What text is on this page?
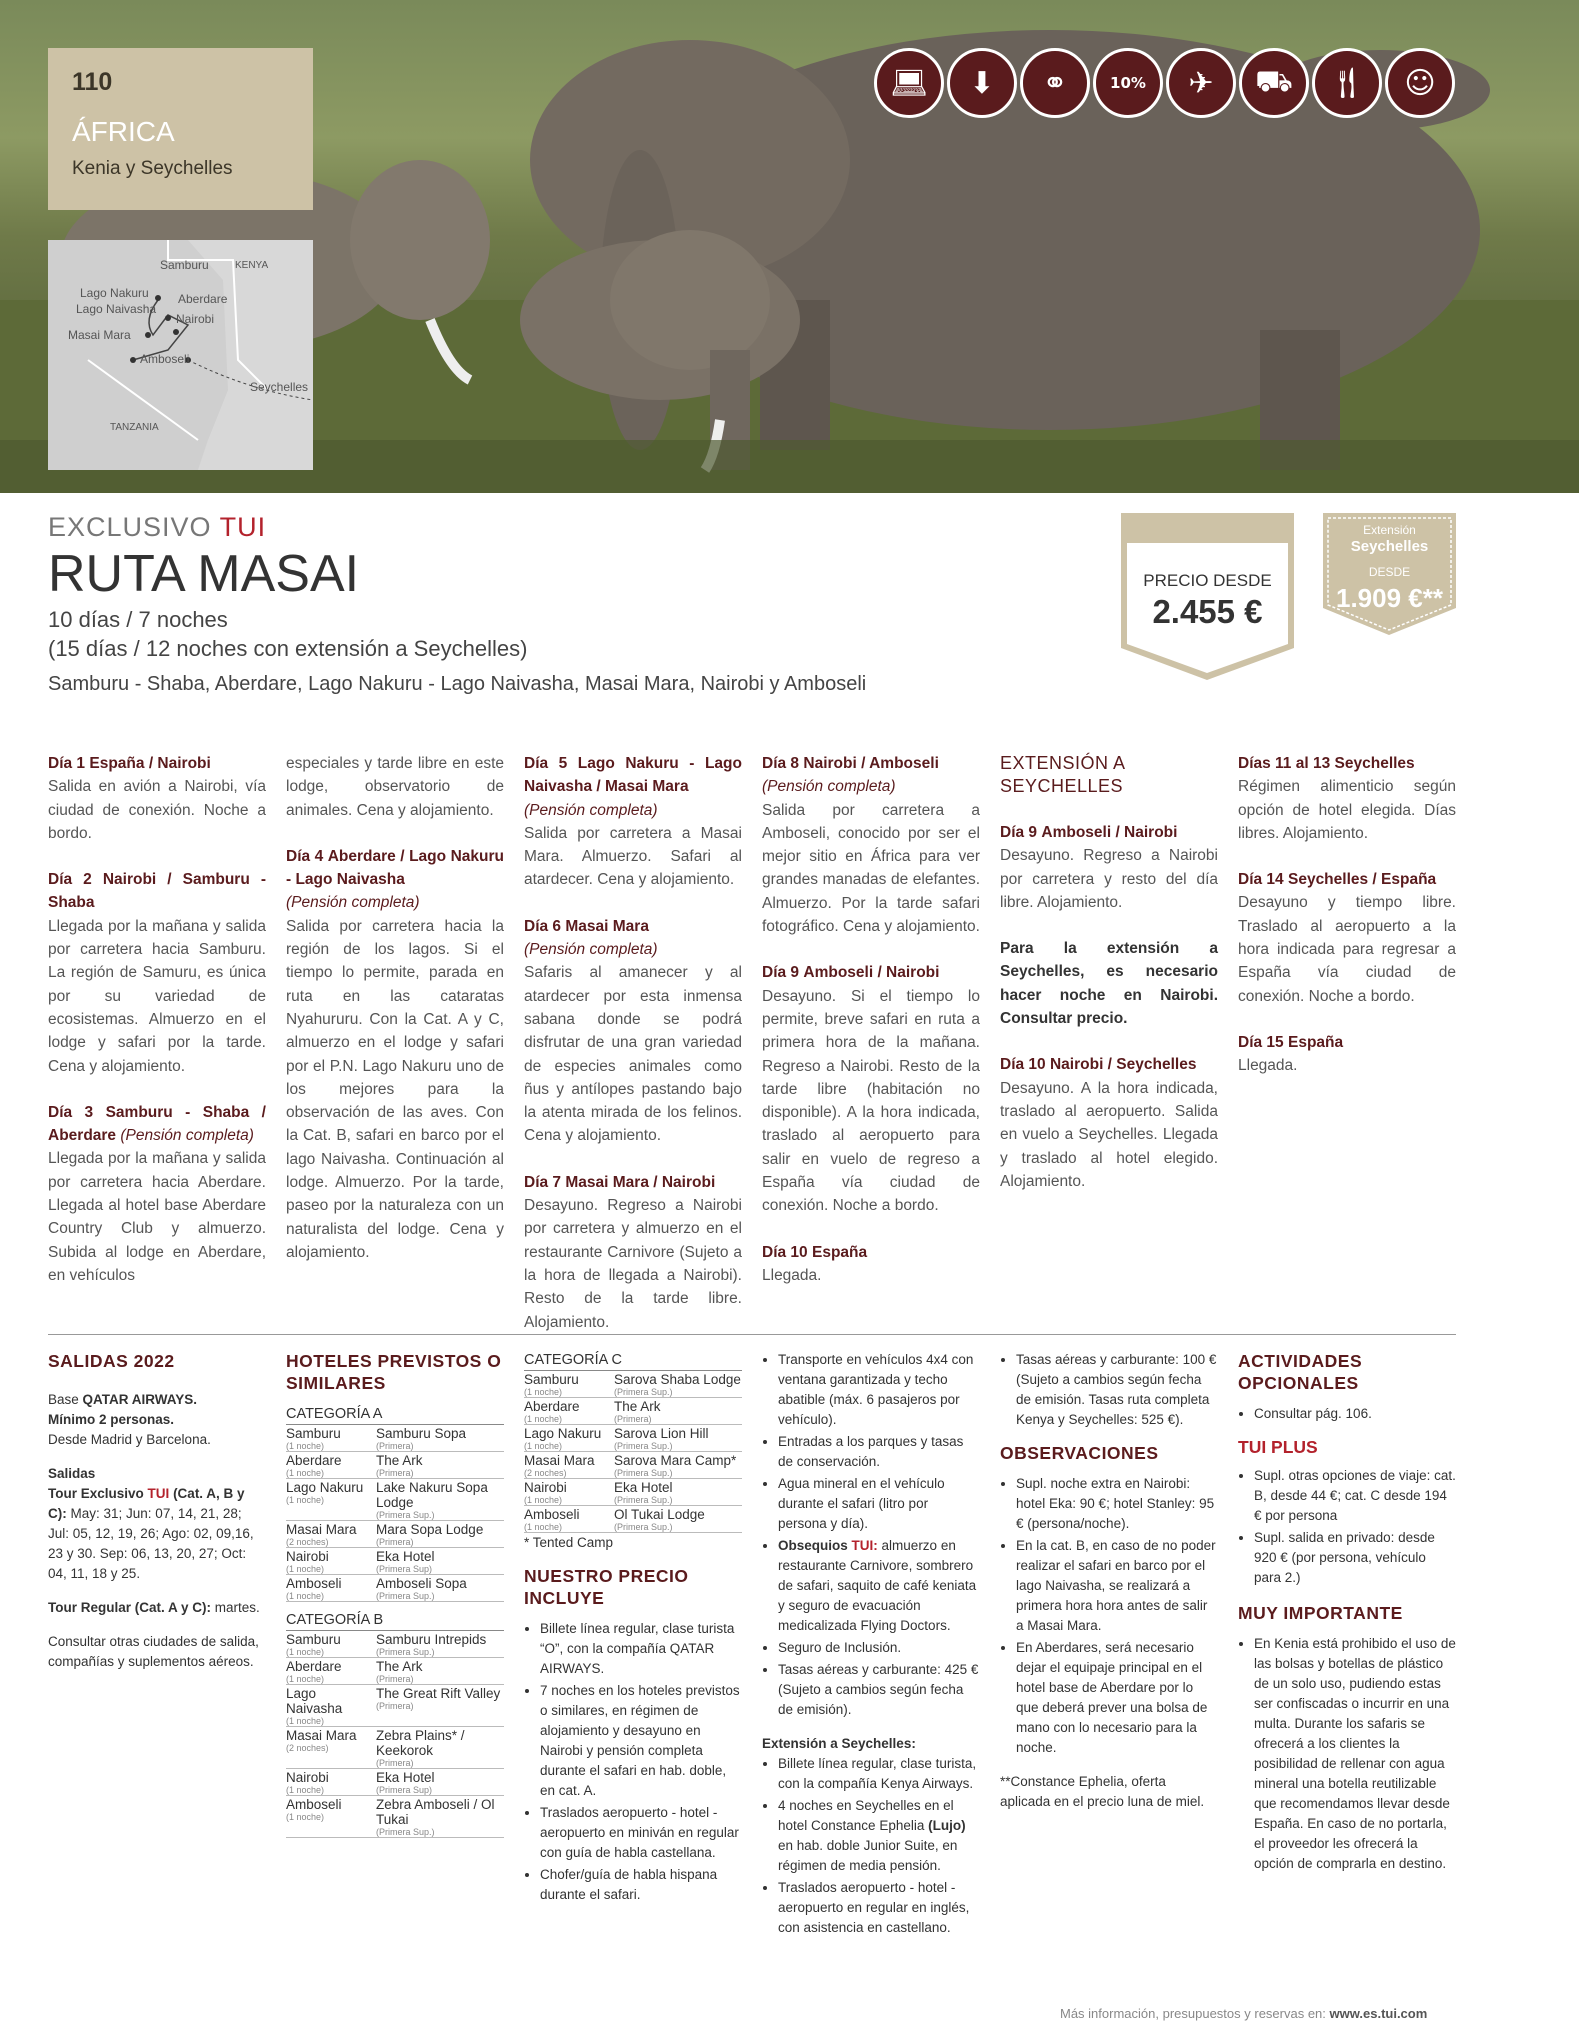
110
ÁFRICA
Kenia y Seychelles
Samburu	KENYA
Lago Nakuru Aberdare
Lago Naivasha
Nairobi
Masai Mara
Amboseli
Seychelles
TANZANIA
💻︎	⬇	⚭	10%	✈	⛟	🍴︎	☺
EXCLUSIVO TUI
RUTA MASAI
10 días / 7 noches
(15 días / 12 noches con extensión a Seychelles)
Samburu - Shaba, Aberdare, Lago Nakuru - Lago Naivasha, Masai Mara, Nairobi y Amboseli
PRECIO DESDE
2.455 €
Extensión
Seychelles
DESDE
1.909 €**

Día 1 España / Nairobi
Salida en avión a Nairobi, vía ciudad de conexión. Noche a bordo.

Día 2 Nairobi / Samburu - Shaba
Llegada por la mañana y salida por carretera hacia Samburu. La región de Samuru, es única por su variedad de ecosistemas. Almuerzo en el lodge y safari por la tarde. Cena y alojamiento.

Día 3 Samburu - Shaba / Aberdare (Pensión completa)
Llegada por la mañana y salida por carretera hacia Aberdare. Llegada al hotel base Aberdare Country Club y almuerzo. Subida al lodge en Aberdare, en vehículos

especiales y tarde libre en este lodge, observatorio de animales. Cena y alojamiento.

Día 4 Aberdare / Lago Nakuru - Lago Naivasha
(Pensión completa)
Salida por carretera hacia la región de los lagos. Si el tiempo lo permite, parada en ruta en las cataratas Nyahururu. Con la Cat. A y C, almuerzo en el lodge y safari por el P.N. Lago Nakuru uno de los mejores para la observación de las aves. Con la Cat. B, safari en barco por el lago Naivasha. Continuación al lodge. Almuerzo. Por la tarde, paseo por la naturaleza con un naturalista del lodge. Cena y alojamiento.

Día 5 Lago Nakuru - Lago Naivasha / Masai Mara
(Pensión completa)
Salida por carretera a Masai Mara. Almuerzo. Safari al atardecer. Cena y alojamiento.

Día 6 Masai Mara
(Pensión completa)
Safaris al amanecer y al atardecer por esta inmensa sabana donde se podrá disfrutar de una gran variedad de especies animales como ñus y antílopes pastando bajo la atenta mirada de los felinos. Cena y alojamiento.

Día 7 Masai Mara / Nairobi
Desayuno. Regreso a Nairobi por carretera y almuerzo en el restaurante Carnivore (Sujeto a la hora de llegada a Nairobi). Resto de la tarde libre. Alojamiento.

Día 8 Nairobi / Amboseli
(Pensión completa)
Salida por carretera a Amboseli, conocido por ser el mejor sitio en África para ver grandes manadas de elefantes. Almuerzo. Por la tarde safari fotográfico. Cena y alojamiento.

Día 9 Amboseli / Nairobi
Desayuno. Si el tiempo lo permite, breve safari en ruta a primera hora de la mañana. Regreso a Nairobi. Resto de la tarde libre (habitación no disponible). A la hora indicada, traslado al aeropuerto para salir en vuelo de regreso a España vía ciudad de conexión. Noche a bordo.

Día 10 España
Llegada.

EXTENSIÓN A SEYCHELLES

Día 9 Amboseli / Nairobi
Desayuno. Regreso a Nairobi por carretera y resto del día libre. Alojamiento.

Para la extensión a Seychelles, es necesario hacer noche en Nairobi. Consultar precio.

Día 10 Nairobi / Seychelles
Desayuno. A la hora indicada, traslado al aeropuerto. Salida en vuelo a Seychelles. Llegada y traslado al hotel elegido. Alojamiento.

Días 11 al 13 Seychelles
Régimen alimenticio según opción de hotel elegida. Días libres. Alojamiento.

Día 14 Seychelles / España
Desayuno y tiempo libre. Traslado al aeropuerto a la hora indicada para regresar a España vía ciudad de conexión. Noche a bordo.

Día 15 España
Llegada.

SALIDAS 2022

Base QATAR AIRWAYS.
Mínimo 2 personas.
Desde Madrid y Barcelona.

Salidas
Tour Exclusivo TUI (Cat. A, B y C): May: 31; Jun: 07, 14, 21, 28; Jul: 05, 12, 19, 26; Ago: 02, 09,16, 23 y 30. Sep: 06, 13, 20, 27; Oct: 04, 11, 18 y 25.

Tour Regular (Cat. A y C): martes.

Consultar otras ciudades de salida, compañías y suplementos aéreos.

HOTELES PREVISTOS O SIMILARES
CATEGORÍA A
Samburu
(1 noche)	Samburu Sopa
(Primera)

Aberdare
(1 noche)	The Ark
(Primera)

Lago Nakuru
(1 noche)	Lake Nakuru Sopa Lodge
(Primera Sup.)

Masai Mara
(2 noches)	Mara Sopa Lodge
(Primera)

Nairobi
(1 noche)	Eka Hotel
(Primera Sup)

Amboseli
(1 noche)	Amboseli Sopa
(Primera Sup.)
CATEGORÍA B
Samburu
(1 noche)	Samburu Intrepids
(Primera Sup.)

Aberdare
(1 noche)	The Ark
(Primera)

Lago Naivasha
(1 noche)	The Great Rift Valley
(Primera)

Masai Mara
(2 noches)	Zebra Plains* / Keekorok
(Primera)

Nairobi
(1 noche)	Eka Hotel
(Primera Sup)

Amboseli
(1 noche)	Zebra Amboseli / Ol Tukai
(Primera Sup.)
CATEGORÍA C
Samburu
(1 noche)	Sarova Shaba Lodge
(Primera Sup.)

Aberdare
(1 noche)	The Ark
(Primera)

Lago Nakuru
(1 noche)	Sarova Lion Hill
(Primera Sup.)

Masai Mara
(2 noches)	Sarova Mara Camp*
(Primera Sup.)

Nairobi
(1 noche)	Eka Hotel
(Primera Sup.)

Amboseli
(1 noche)	Ol Tukai Lodge
(Primera Sup.)
* Tented Camp
NUESTRO PRECIO INCLUYE
• Billete línea regular, clase turista “O”, con la compañía QATAR AIRWAYS.
• 7 noches en los hoteles previstos o similares, en régimen de alojamiento y desayuno en Nairobi y pensión completa durante el safari en hab. doble, en cat. A.
• Traslados aeropuerto - hotel - aeropuerto en miniván en regular con guía de habla castellana.
• Chofer/guía de habla hispana durante el safari.
• Transporte en vehículos 4x4 con ventana garantizada y techo abatible (máx. 6 pasajeros por vehículo).
• Entradas a los parques y tasas de conservación.
• Agua mineral en el vehículo durante el safari (litro por persona y día).
• Obsequios TUI: almuerzo en restaurante Carnivore, sombrero de safari, saquito de café keniata y seguro de evacuación medicalizada Flying Doctors.
• Seguro de Inclusión.
• Tasas aéreas y carburante: 425 € (Sujeto a cambios según fecha de emisión).
Extensión a Seychelles:
• Billete línea regular, clase turista, con la compañía Kenya Airways.
• 4 noches en Seychelles en el hotel Constance Ephelia (Lujo) en hab. doble Junior Suite, en régimen de media pensión.
• Traslados aeropuerto - hotel - aeropuerto en regular en inglés, con asistencia en castellano.
• Tasas aéreas y carburante: 100 € (Sujeto a cambios según fecha de emisión. Tasas ruta completa Kenya y Seychelles: 525 €).
OBSERVACIONES
• Supl. noche extra en Nairobi: hotel Eka: 90 €; hotel Stanley: 95 € (persona/noche).
• En la cat. B, en caso de no poder realizar el safari en barco por el lago Naivasha, se realizará a primera hora hora antes de salir a Masai Mara.
• En Aberdares, será necesario dejar el equipaje principal en el hotel base de Aberdare por lo que deberá prever una bolsa de mano con lo necesario para la noche.

**Constance Ephelia, oferta aplicada en el precio luna de miel.

ACTIVIDADES OPCIONALES
• Consultar pág. 106.
TUI PLUS
• Supl. otras opciones de viaje: cat. B, desde 44 €; cat. C desde 194 € por persona
• Supl. salida en privado: desde 920 € (por persona, vehículo para 2.)
MUY IMPORTANTE
• En Kenia está prohibido el uso de las bolsas y botellas de plástico de un solo uso, pudiendo estas ser confiscadas o incurrir en una multa. Durante los safaris se ofrecerá a los clientes la posibilidad de rellenar con agua mineral una botella reutilizable que recomendamos llevar desde España. En caso de no portarla, el proveedor les ofrecerá la opción de comprarla en destino.
Más información, presupuestos y reservas en: www.es.tui.com
